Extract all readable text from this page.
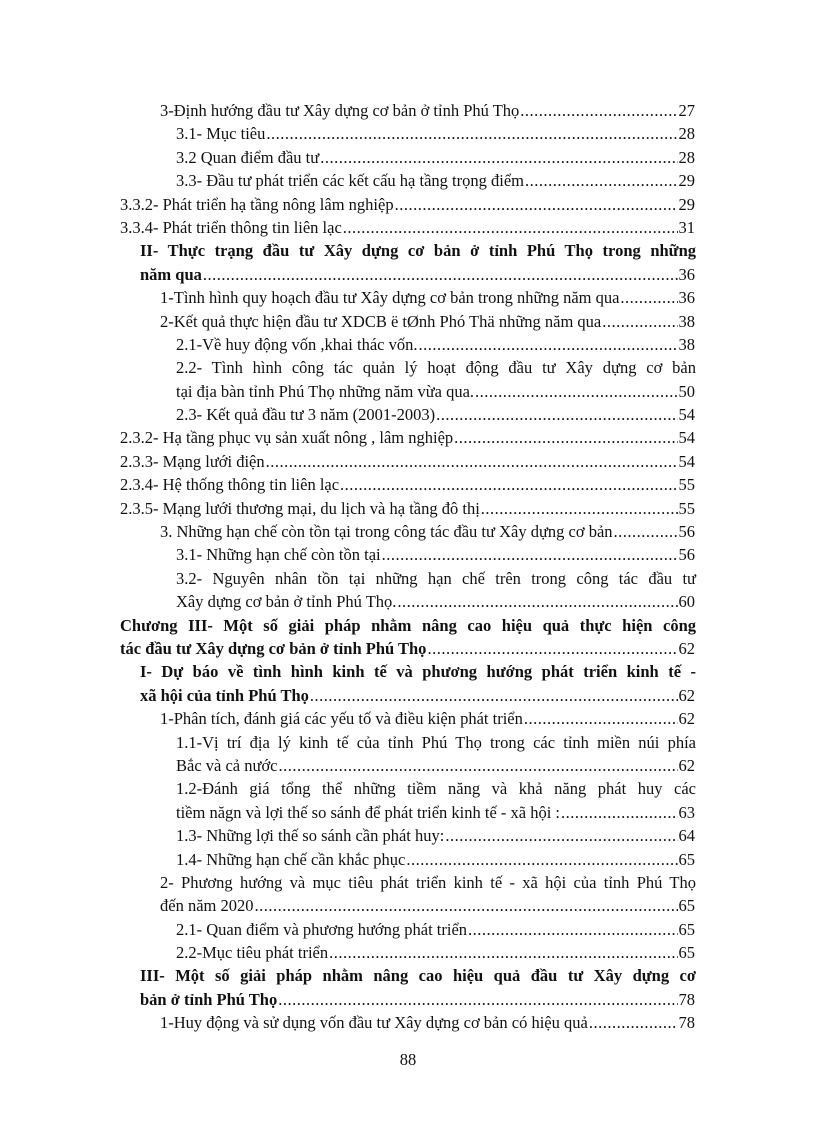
3-Định hướng đầu tư Xây dựng cơ bản ở tỉnh Phú Thọ .....	27
3.1- Mục tiêu .....	28
3.2 Quan điểm đầu tư .....	28
3.3- Đầu tư phát triển các kết cấu hạ tầng trọng điểm .....	29
3.3.2- Phát triển hạ tầng nông lâm nghiệp .....	29
3.3.4- Phát triển thông tin liên lạc .....	31
II- Thực trạng đầu tư Xây dựng cơ bản ở tỉnh Phú Thọ trong những
năm qua .....	36
1-Tình hình quy hoạch đầu tư Xây dựng cơ bản trong những năm qua .....	36
2-Kết quả thực hiện đầu tư XDCB ë tØnh Phó Thä những năm qua .....	38
2.1-Về huy động vốn ,khai thác vốn. .....	38
2.2- Tình hình công tác quản lý hoạt động đầu tư Xây dựng cơ bản
tại địa bàn tỉnh Phú Thọ những năm vừa qua. .....	50
2.3- Kết quả đầu tư 3 năm (2001-2003) .....	54
2.3.2- Hạ tầng phục vụ sản xuất nông , lâm nghiệp .....	54
2.3.3- Mạng lưới điện .....	54
2.3.4- Hệ thống thông tin liên lạc .....	55
2.3.5- Mạng lưới thương mại, du lịch và hạ tầng đô thị .....	55
3. Những hạn chế còn tồn tại trong công tác đầu tư Xây dựng cơ bản .....	56
3.1- Những hạn chế còn tồn tại .....	56
3.2- Nguyên nhân tồn tại những hạn chế trên trong công tác đầu tư
Xây dựng cơ bản ở tỉnh Phú Thọ. .....	60
Chương III- Một số giải pháp nhằm nâng cao hiệu quả thực hiện công
tác đầu tư Xây dựng cơ bản ở tỉnh Phú Thọ .....	62
I- Dự báo về tình hình kinh tế và phương hướng phát triển kinh tế -
xã hội của tỉnh Phú Thọ .....	62
1-Phân tích, đánh giá các yếu tố và điều kiện phát triển .....	62
1.1-Vị trí địa lý kinh tế của tỉnh Phú Thọ trong các tỉnh miền núi phía
Bắc và cả nước .....	62
1.2-Đánh giá tổng thể những tiềm năng và khả năng phát huy các
tiềm năgn và lợi thế so sánh để phát triển kinh tế - xã hội : .....	63
1.3- Những lợi thế so sánh cần phát huy: .....	64
1.4- Những hạn chế cần khắc phục .....	65
2- Phương hướng và mục tiêu phát triển kinh tế - xã hội của tỉnh Phú Thọ
đến năm 2020 .....	65
2.1- Quan điểm và phương hướng phát triển .....	65
2.2-Mục tiêu phát triển .....	65
III- Một số giải pháp nhằm nâng cao hiệu quả đầu tư Xây dựng cơ
bản ở tỉnh Phú Thọ .....	78
1-Huy động và sử dụng vốn đầu tư Xây dựng cơ bản có hiệu quả .....	78
88
